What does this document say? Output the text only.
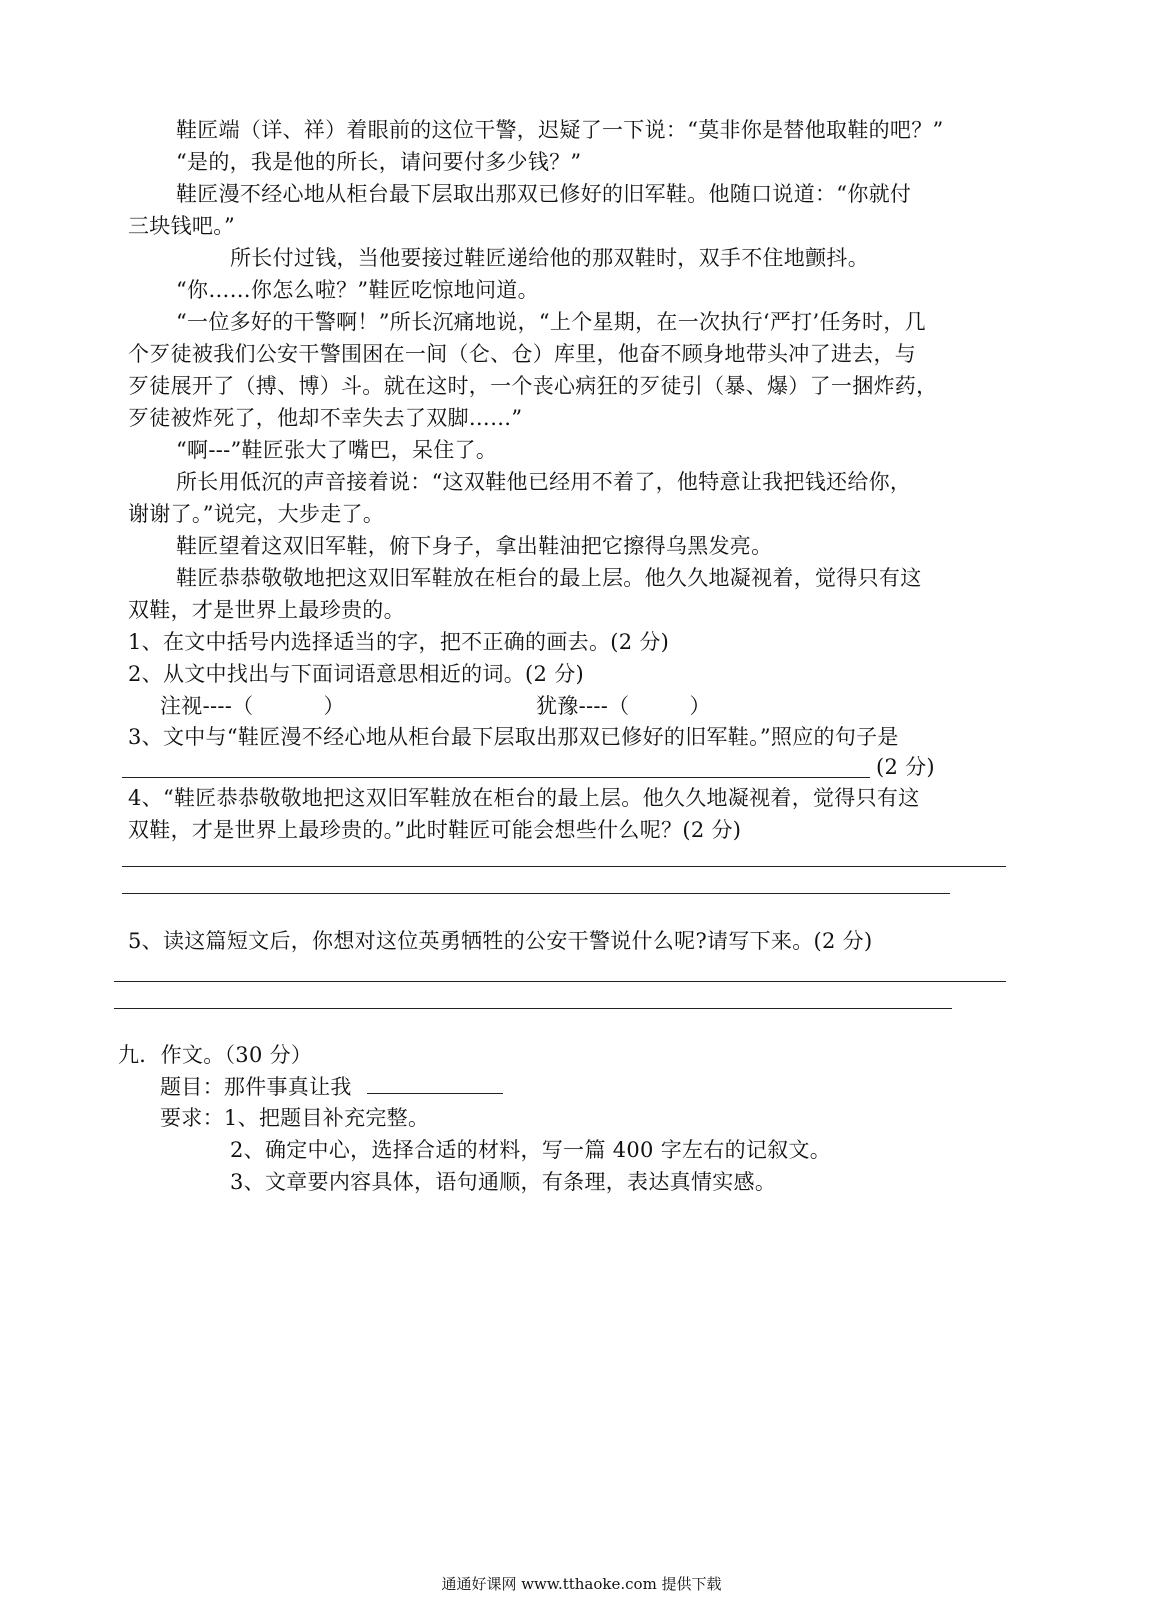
鞋匠端（详、祥）着眼前的这位干警，迟疑了一下说：“莫非你是替他取鞋的吧？”
“是的，我是他的所长，请问要付多少钱？”
鞋匠漫不经心地从柜台最下层取出那双已修好的旧军鞋。他随口说道：“你就付
三块钱吧。”
所长付过钱，当他要接过鞋匠递给他的那双鞋时，双手不住地颤抖。
“你……你怎么啦？”鞋匠吃惊地问道。
“一位多好的干警啊！”所长沉痛地说，“上个星期，在一次执行‘严打’任务时，几
个歹徒被我们公安干警围困在一间（仑、仓）库里，他奋不顾身地带头冲了进去，与
歹徒展开了（搏、博）斗。就在这时，一个丧心病狂的歹徒引（暴、爆）了一捆炸药，
歹徒被炸死了，他却不幸失去了双脚……”
“啊---”鞋匠张大了嘴巴，呆住了。
所长用低沉的声音接着说：“这双鞋他已经用不着了，他特意让我把钱还给你，
谢谢了。”说完，大步走了。
鞋匠望着这双旧军鞋，俯下身子，拿出鞋油把它擦得乌黑发亮。
鞋匠恭恭敬敬地把这双旧军鞋放在柜台的最上层。他久久地凝视着，觉得只有这
双鞋，才是世界上最珍贵的。
1、在文中括号内选择适当的字，把不正确的画去。(2 分)
2、从文中找出与下面词语意思相近的词。(2 分)
注视----（	）	犹豫----（	）
3、文中与“鞋匠漫不经心地从柜台最下层取出那双已修好的旧军鞋。”照应的句子是
(2 分)
4、“鞋匠恭恭敬敬地把这双旧军鞋放在柜台的最上层。他久久地凝视着，觉得只有这
双鞋，才是世界上最珍贵的。”此时鞋匠可能会想些什么呢？(2 分)
5、读这篇短文后，你想对这位英勇牺牲的公安干警说什么呢?请写下来。(2 分)
九．作文。（30 分）
题目：那件事真让我
要求：1、把题目补充完整。
2、确定中心，选择合适的材料，写一篇 400 字左右的记叙文。
3、文章要内容具体，语句通顺，有条理，表达真情实感。
通通好课网 www.tthaoke.com 提供下载
